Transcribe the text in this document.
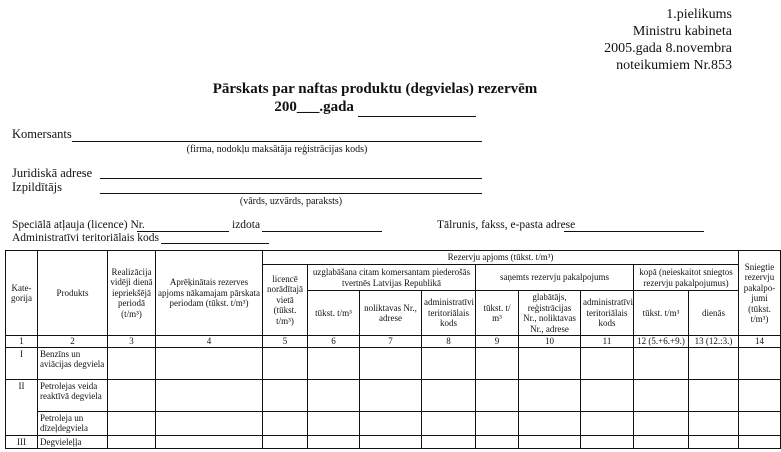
1.pielikums
Ministru kabineta
2005.gada 8.novembra
noteikumiem Nr.853
Pārskats par naftas produktu (degvielas) rezervēm
200___.gada
Komersants
(firma, nodokļu maksātāja reģistrācijas kods)
Juridiskā adrese
Izpildītājs
(vārds, uzvārds, paraksts)
Speciālā atļauja (licence) Nr.	izdota	Tālrunis, fakss, e-pasta adrese
Administratīvi teritoriālais kods
Kate-gorija	Produkts	Realizācija vidēji dienā iepriekšējā periodā (t/m³)	Aprēķinātais rezerves apjoms nākamajam pārskata periodam (tūkst. t/m³)	Rezervju apjoms (tūkst. t/m³)									Sniegtie rezervju pakalpo-jumi (tūkst. t/m³)
				licencē norādītajā vietā (tūkst. t/m³)	uzglabāšana citam komersantam piederošās tvertnēs Latvijas Republikā			saņemts rezervju pakalpojums			kopā (neieskaitot sniegtos rezervju pakalpojumus)		
					tūkst. t/m³	noliktavas Nr., adrese	administratīvi teritoriālais kods	tūkst. t/ m³	glabātājs, reģistrācijas Nr., noliktavas Nr., adrese	administratīvi teritoriālais kods	tūkst. t/m³	dienās	
1	2	3	4	5	6	7	8	9	10	11	12 (5.+6.+9.)	13 (12.:3.)	14
I	Benzīns un aviācijas degviela												
II	Petrolejas veida reaktīvā degviela												
	Petroleja un dīzeļdegviela												
III	Degvieleļļa												
